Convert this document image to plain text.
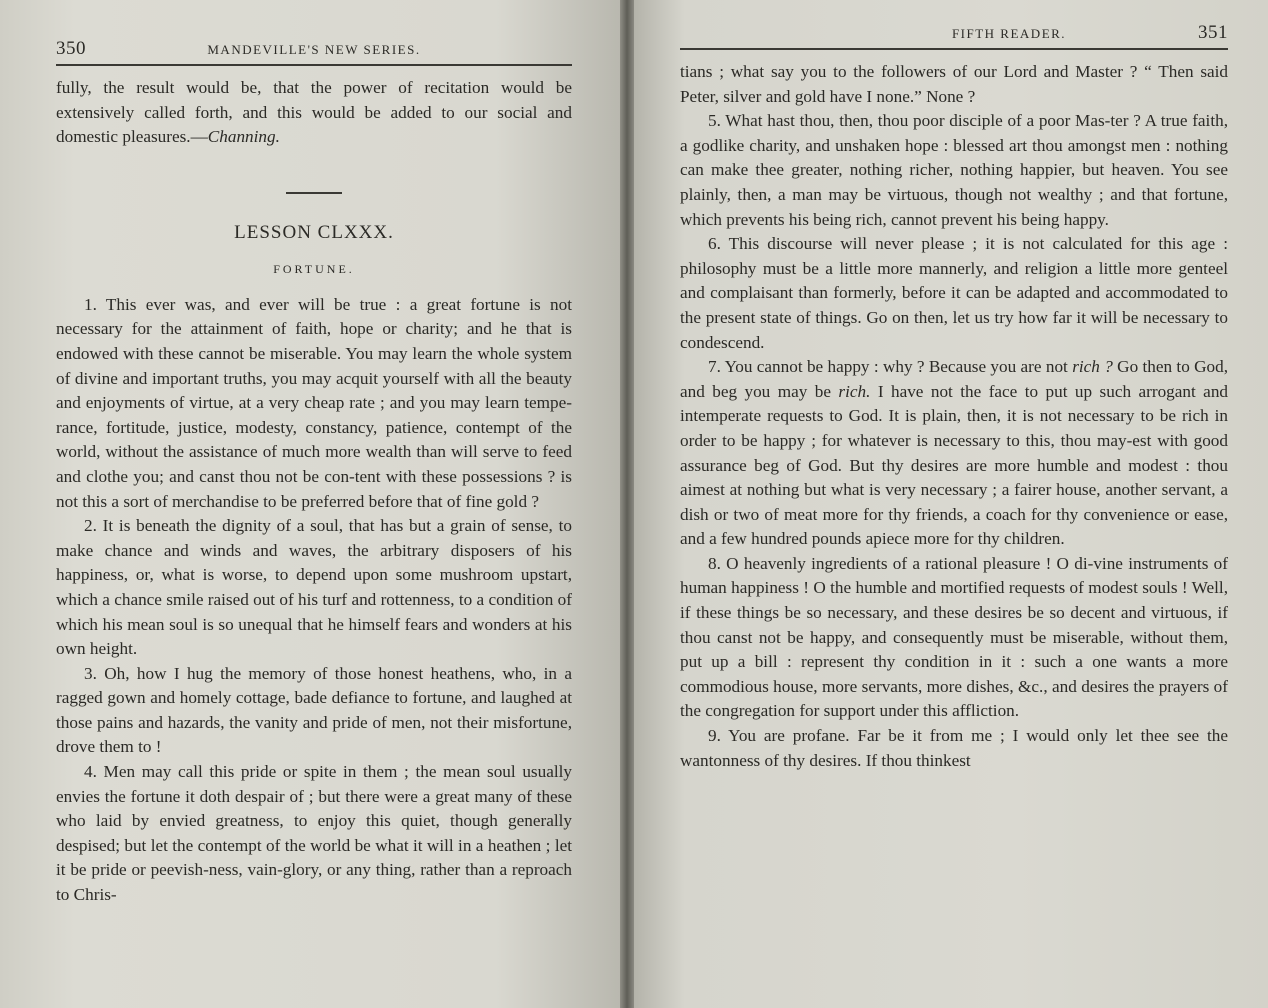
350	MANDEVILLE'S NEW SERIES.

fully, the result would be, that the power of recitation would be extensively called forth, and this would be added to our social and domestic pleasures.—Channing.

LESSON CLXXX.
FORTUNE.

1. This ever was, and ever will be true : a great fortune is not necessary for the attainment of faith, hope or charity; and he that is endowed with these cannot be miserable. You may learn the whole system of divine and important truths, you may acquit yourself with all the beauty and enjoyments of virtue, at a very cheap rate ; and you may learn tempe-rance, fortitude, justice, modesty, constancy, patience, contempt of the world, without the assistance of much more wealth than will serve to feed and clothe you; and canst thou not be con-tent with these possessions ? is not this a sort of merchandise to be preferred before that of fine gold ?

2. It is beneath the dignity of a soul, that has but a grain of sense, to make chance and winds and waves, the arbitrary disposers of his happiness, or, what is worse, to depend upon some mushroom upstart, which a chance smile raised out of his turf and rottenness, to a condition of which his mean soul is so unequal that he himself fears and wonders at his own height.

3. Oh, how I hug the memory of those honest heathens, who, in a ragged gown and homely cottage, bade defiance to fortune, and laughed at those pains and hazards, the vanity and pride of men, not their misfortune, drove them to !

4. Men may call this pride or spite in them ; the mean soul usually envies the fortune it doth despair of ; but there were a great many of these who laid by envied greatness, to enjoy this quiet, though generally despised; but let the contempt of the world be what it will in a heathen ; let it be pride or peevish-ness, vain-glory, or any thing, rather than a reproach to Chris-

FIFTH READER.	351

tians ; what say you to the followers of our Lord and Master ? “ Then said Peter, silver and gold have I none.” None ?

5. What hast thou, then, thou poor disciple of a poor Mas-ter ? A true faith, a godlike charity, and unshaken hope : blessed art thou amongst men : nothing can make thee greater, nothing richer, nothing happier, but heaven. You see plainly, then, a man may be virtuous, though not wealthy ; and that fortune, which prevents his being rich, cannot prevent his being happy.

6. This discourse will never please ; it is not calculated for this age : philosophy must be a little more mannerly, and religion a little more genteel and complaisant than formerly, before it can be adapted and accommodated to the present state of things. Go on then, let us try how far it will be necessary to condescend.

7. You cannot be happy : why ? Because you are not rich ? Go then to God, and beg you may be rich. I have not the face to put up such arrogant and intemperate requests to God. It is plain, then, it is not necessary to be rich in order to be happy ; for whatever is necessary to this, thou may-est with good assurance beg of God. But thy desires are more humble and modest : thou aimest at nothing but what is very necessary ; a fairer house, another servant, a dish or two of meat more for thy friends, a coach for thy convenience or ease, and a few hundred pounds apiece more for thy children.

8. O heavenly ingredients of a rational pleasure ! O di-vine instruments of human happiness ! O the humble and mortified requests of modest souls ! Well, if these things be so necessary, and these desires be so decent and virtuous, if thou canst not be happy, and consequently must be miserable, without them, put up a bill : represent thy condition in it : such a one wants a more commodious house, more servants, more dishes, &c., and desires the prayers of the congregation for support under this affliction.

9. You are profane. Far be it from me ; I would only let thee see the wantonness of thy desires. If thou thinkest
